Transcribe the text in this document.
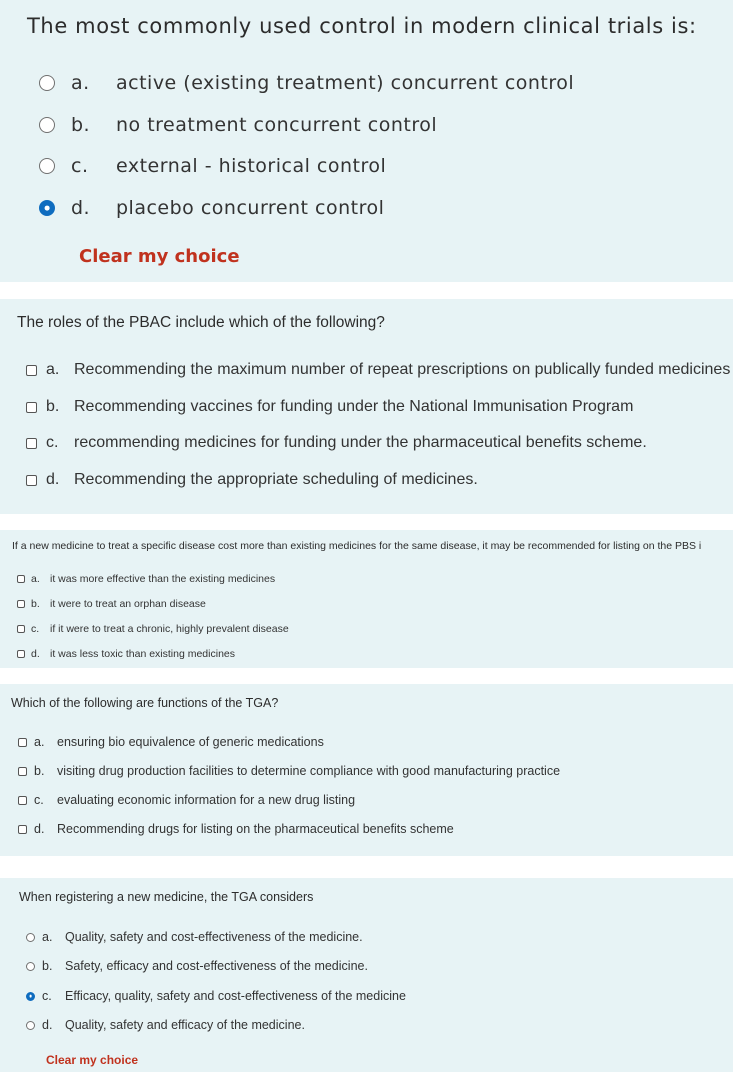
The most commonly used control in modern clinical trials is:
a.	active (existing treatment) concurrent control
b.	no treatment concurrent control
c.	external - historical control
d.	placebo concurrent control
Clear my choice
The roles of the PBAC include which of the following?
a. Recommending the maximum number of repeat prescriptions on publically funded medicines
b. Recommending vaccines for funding under the National Immunisation Program
c. recommending medicines for funding under the pharmaceutical benefits scheme.
d. Recommending the appropriate scheduling of medicines.
If a new medicine to treat a specific disease cost more than existing medicines for the same disease, it may be recommended for listing on the PBS i
a. it was more effective than the existing medicines
b. it were to treat an orphan disease
c.	if it were to treat a chronic, highly prevalent disease
d. it was less toxic than existing medicines
Which of the following are functions of the TGA?
a.	ensuring bio equivalence of generic medications
b.	visiting drug production facilities to determine compliance with good manufacturing practice
c.	evaluating economic information for a new drug listing
d.	Recommending drugs for listing on the pharmaceutical benefits scheme
When registering a new medicine, the TGA considers
a.	Quality, safety and cost-effectiveness of the medicine.
b.	Safety, efficacy and cost-effectiveness of the medicine.
c.	Efficacy, quality, safety and cost-effectiveness of the medicine
d.	Quality, safety and efficacy of the medicine.
Clear my choice
